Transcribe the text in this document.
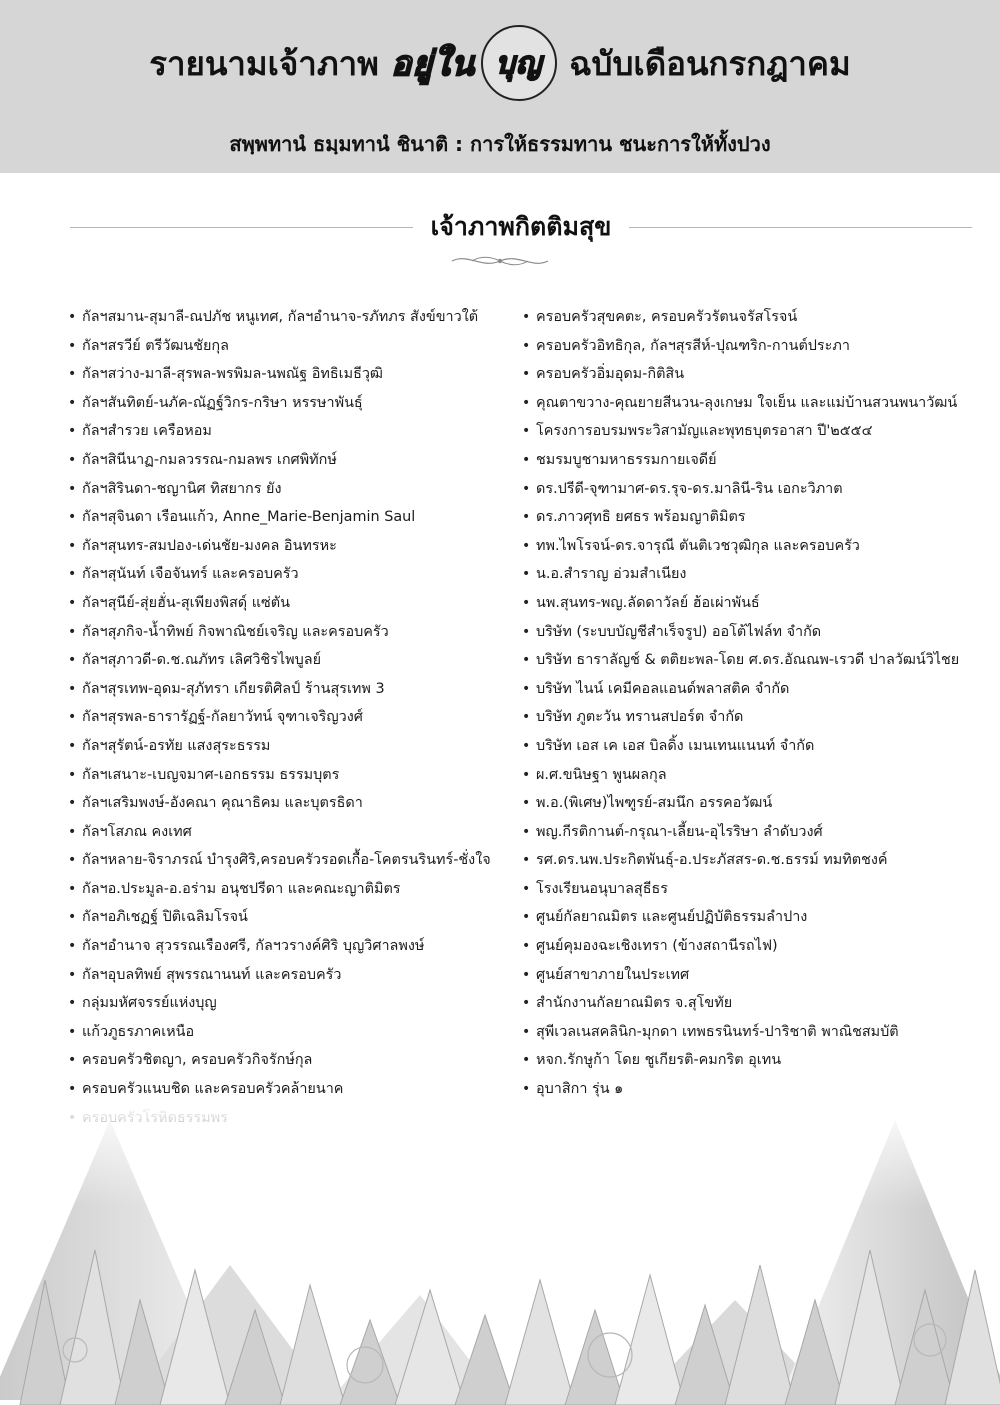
รายนามเจ้าภาพ อยู่ใน บุญ ฉบับเดือนกรกฎาคม
สพฺพทานํ ธมฺมทานํ ชินาติ : การให้ธรรมทาน ชนะการให้ทั้งปวง
เจ้าภาพกิตติมสุข
• กัลฯสมาน-สุมาลี-ณปภัช หนูเทศ, กัลฯอำนาจ-รภัทภร สังข์ขาวใต้
• กัลฯสรวีย์ ตรีวัฒนชัยกุล
• กัลฯสว่าง-มาลี-สุรพล-พรพิมล-นพณัฐ อิทธิเมธีวุฒิ
• กัลฯสันทิตย์-นภัค-ณัฏฐ์วิกร-กริษา หรรษาพันธุ์
• กัลฯสำรวย เครือหอม
• กัลฯสินีนาฏ-กมลวรรณ-กมลพร เกศพิทักษ์
• กัลฯสิรินดา-ชญานิศ ทิสยากร ยัง
• กัลฯสุจินดา เรือนแก้ว, Anne_Marie-Benjamin Saul
• กัลฯสุนทร-สมปอง-เด่นชัย-มงคล อินทรหะ
• กัลฯสุนันท์ เจือจันทร์ และครอบครัว
• กัลฯสุนีย์-สุ่ยฮั่น-สุเพียงพิสดุ์ แซ่ตัน
• กัลฯสุภกิจ-น้ำทิพย์ กิจพาณิชย์เจริญ และครอบครัว
• กัลฯสุภาวดี-ด.ช.ณภัทร เลิศวิชิรไพบูลย์
• กัลฯสุรเทพ-อุดม-สุภัทรา เกียรติศิลป์ ร้านสุรเทพ 3
• กัลฯสุรพล-ธารารัฏฐ์-กัลยาวัทน์ จุฑาเจริญวงศ์
• กัลฯสุรัตน์-อรทัย แสงสุระธรรม
• กัลฯเสนาะ-เบญจมาศ-เอกธรรม ธรรมบุตร
• กัลฯเสริมพงษ์-อังคณา คุณาธิคม และบุตรธิดา
• กัลฯโสภณ คงเทศ
• กัลฯหลาย-จิราภรณ์ บำรุงศิริ,ครอบครัวรอดเกื้อ-โคตรนรินทร์-ชั่งใจ
• กัลฯอ.ประมูล-อ.อร่าม อนุชปรีดา และคณะญาติมิตร
• กัลฯอภิเชฏฐ์ ปิติเฉลิมโรจน์
• กัลฯอำนาจ สุวรรณเรืองศรี, กัลฯวรางค์ศิริ บุญวิศาลพงษ์
• กัลฯอุบลทิพย์ สุพรรณานนท์ และครอบครัว
• กลุ่มมหัศจรรย์แห่งบุญ
• แก้วภูธรภาคเหนือ
• ครอบครัวชิตญา, ครอบครัวกิจรักษ์กุล
• ครอบครัวแนบชิด และครอบครัวคล้ายนาค
• ครอบครัวสุขคตะ, ครอบครัวรัตนจรัสโรจน์
• ครอบครัวอิทธิกุล, กัลฯสุรสีห์-ปุณฑริก-กานต์ประภา
• ครอบครัวอิ่มอุดม-กิติสิน
• คุณตาขวาง-คุณยายสีนวน-ลุงเกษม ใจเย็น และแม่บ้านสวนพนาวัฒน์
• โครงการอบรมพระวิสามัญและพุทธบุตรอาสา ปี'๒๕๕๔
• ชมรมบูชามหาธรรมกายเจดีย์
• ดร.ปรีดี-จุฑามาศ-ดร.รุจ-ดร.มาลินี-ริน เอกะวิภาต
• ดร.ภาวศุทธิ ยศธร พร้อมญาติมิตร
• ทพ.ไพโรจน์-ดร.จารุณี ตันติเวชวุฒิกุล และครอบครัว
• น.อ.สำราญ อ่วมสำเนียง
• นพ.สุนทร-พญ.ลัดดาวัลย์ ฮ้อเผ่าพันธ์
• บริษัท (ระบบบัญชีสำเร็จรูป) ออโต้ไฟล์ท จำกัด
• บริษัท ธาราลัญช์ & ตติยะพล-โดย ศ.ดร.อัณณพ-เรวดี ปาลวัฒน์วิไชย
• บริษัท ไนน์ เคมีคอลแอนด์พลาสติค จำกัด
• บริษัท ภูตะวัน ทรานสปอร์ต จำกัด
• บริษัท เอส เค เอส บิลดิ้ง เมนเทนแนนท์ จำกัด
• ผ.ศ.ขนิษฐา พูนผลกุล
• พ.อ.(พิเศษ)ไพฑูรย์-สมนึก อรรคอวัฒน์
• พญ.กีรติกานต์-กรุณา-เลี้ยน-อุไรริษา ลำดับวงศ์
• รศ.ดร.นพ.ประกิตพันธุ์-อ.ประภัสสร-ด.ช.ธรรม์ ทมทิตชงค์
• โรงเรียนอนุบาลสุธีธร
• ศูนย์กัลยาณมิตร และศูนย์ปฏิบัติธรรมลำปาง
• ศูนย์คุมองฉะเชิงเทรา (ข้างสถานีรถไฟ)
• ศูนย์สาขาภายในประเทศ
• สำนักงานกัลยาณมิตร จ.สุโขทัย
• สุพีเวลเนสคลินิก-มุกดา เทพธรนินทร์-ปาริชาติ พาณิชสมบัติ
• หจก.รักษูก้า โดย ชูเกียรติ-คมกริต อุเทน
• อุบาสิกา รุ่น ๑
